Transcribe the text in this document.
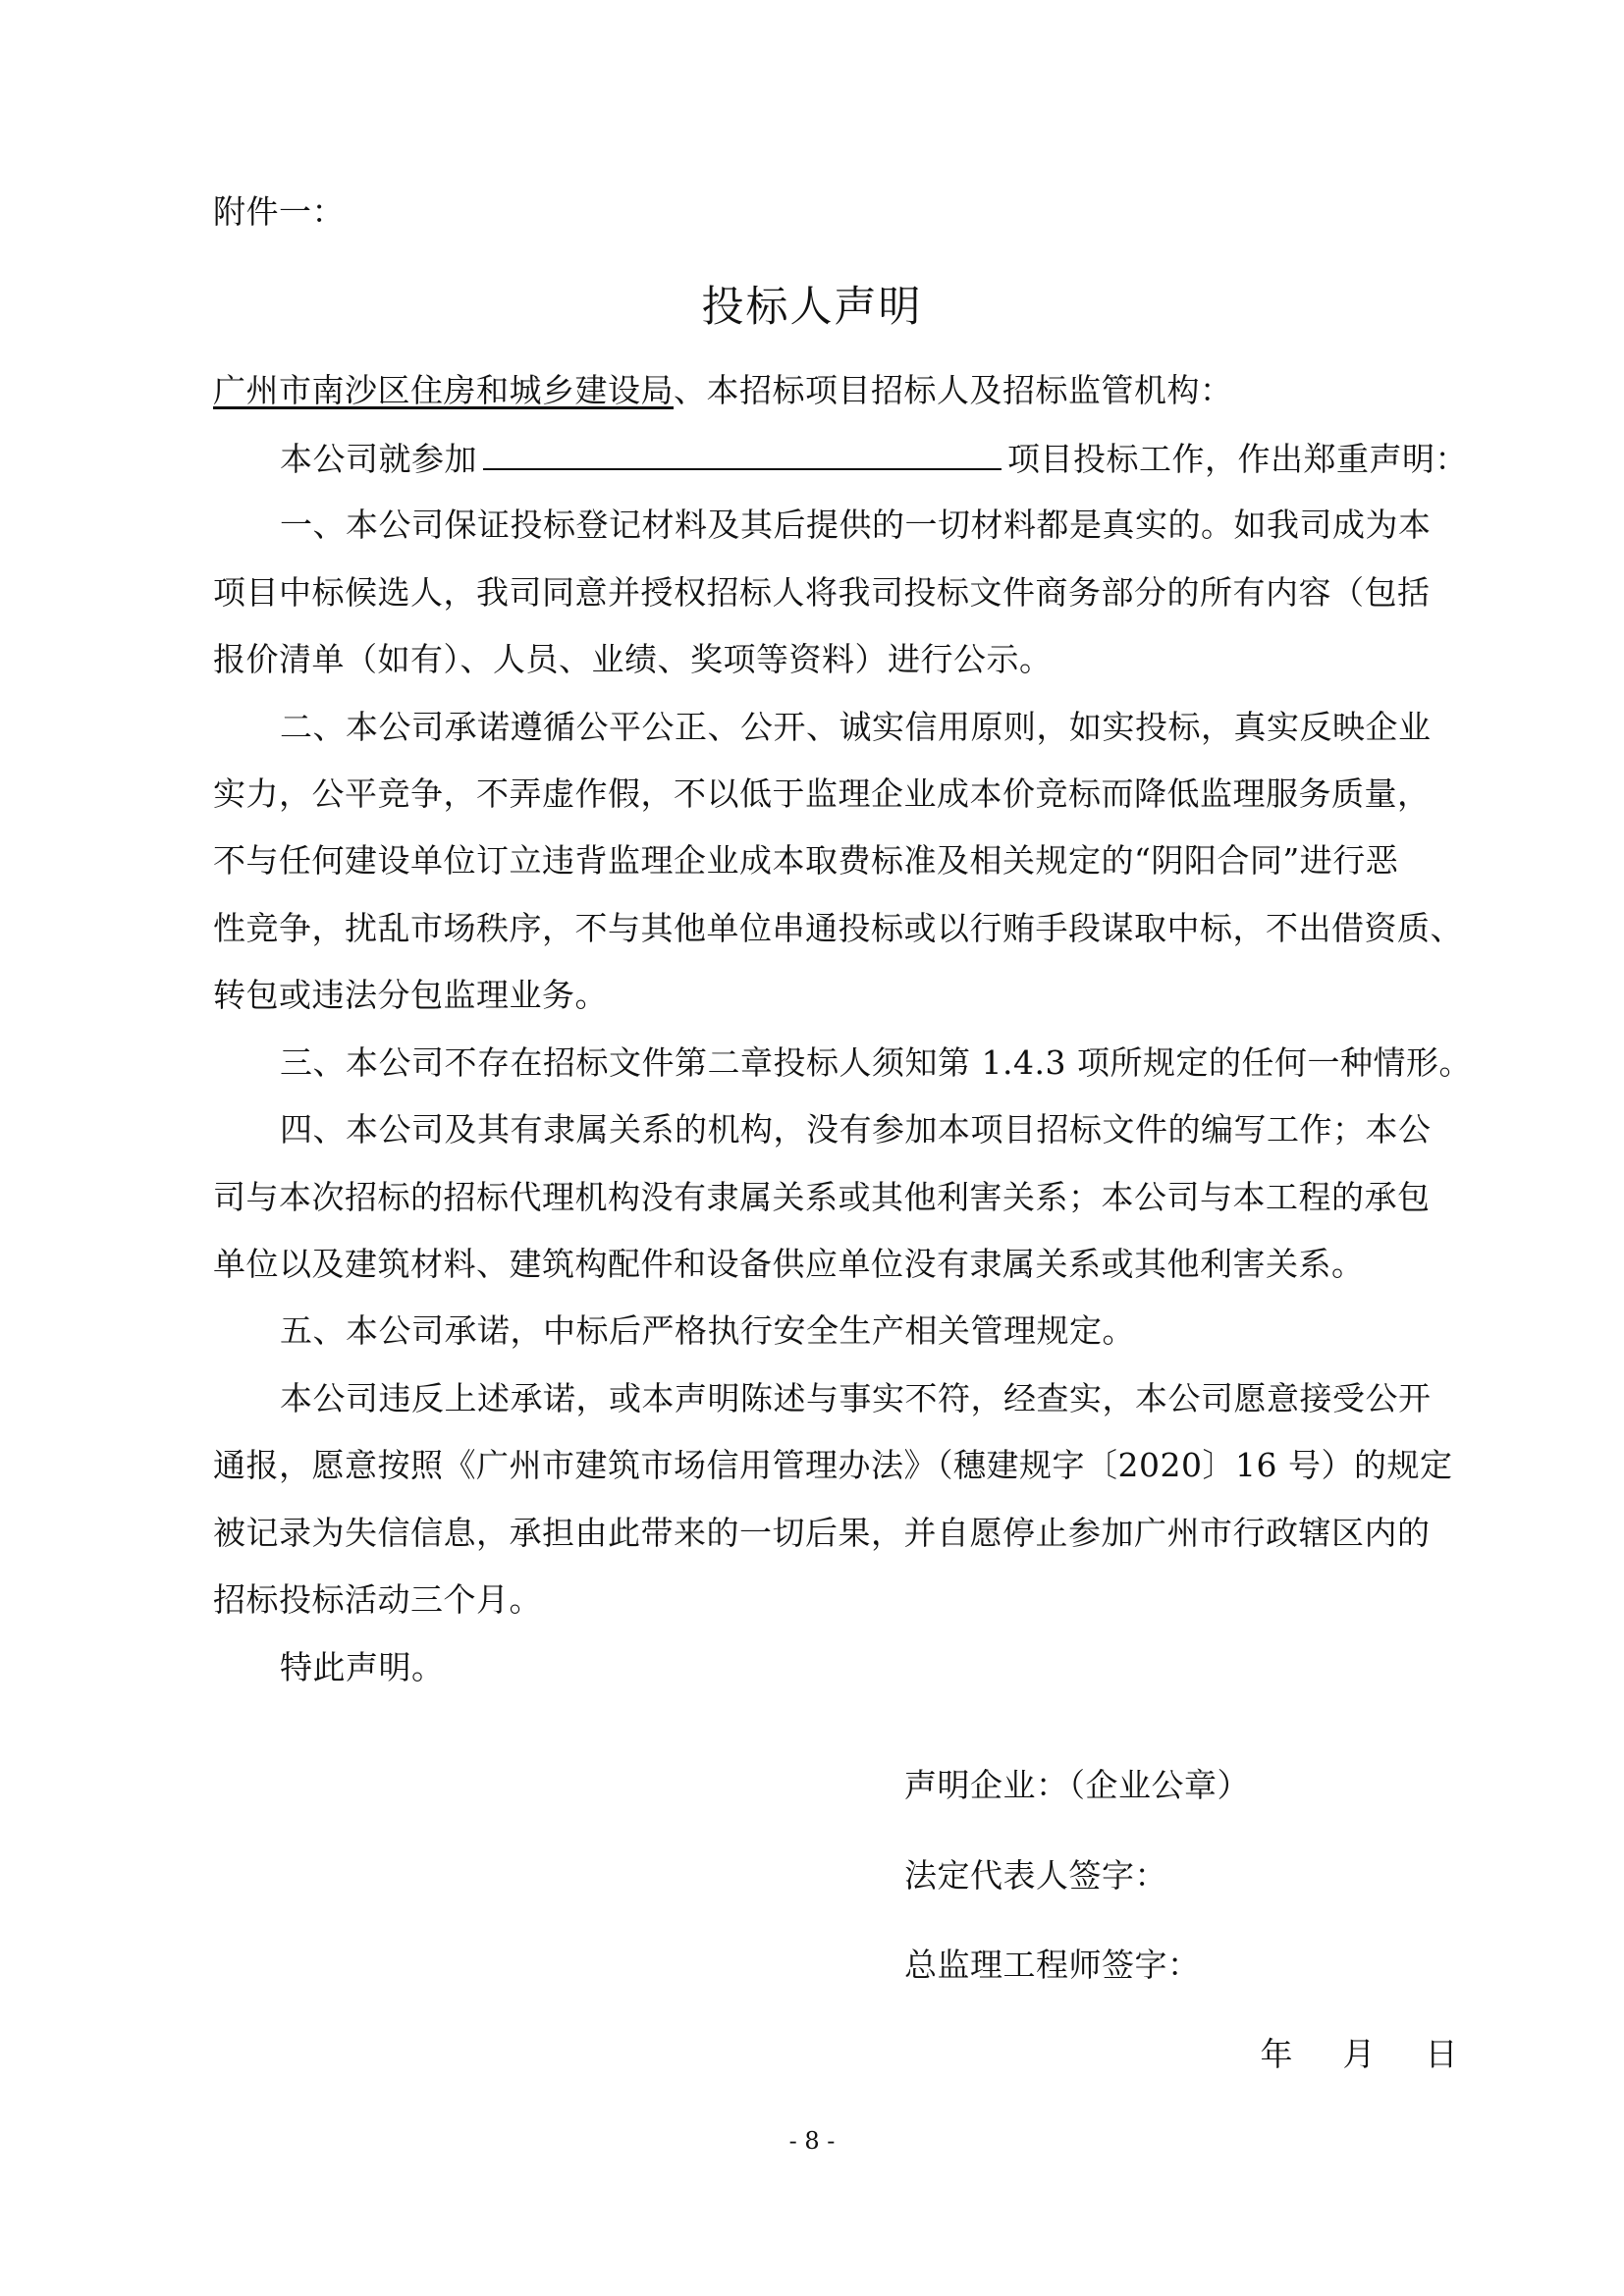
附件一：
投标人声明
广州市南沙区住房和城乡建设局、本招标项目招标人及招标监管机构：
本公司就参加	项目投标工作，作出郑重声明：
一、本公司保证投标登记材料及其后提供的一切材料都是真实的。如我司成为本
项目中标候选人，我司同意并授权招标人将我司投标文件商务部分的所有内容（包括
报价清单（如有）、人员、业绩、奖项等资料）进行公示。
二、本公司承诺遵循公平公正、公开、诚实信用原则，如实投标，真实反映企业
实力，公平竞争，不弄虚作假，不以低于监理企业成本价竞标而降低监理服务质量，
不与任何建设单位订立违背监理企业成本取费标准及相关规定的“阴阳合同”进行恶
性竞争，扰乱市场秩序，不与其他单位串通投标或以行贿手段谋取中标，不出借资质、
转包或违法分包监理业务。
三、本公司不存在招标文件第二章投标人须知第 1.4.3 项所规定的任何一种情形。
四、本公司及其有隶属关系的机构，没有参加本项目招标文件的编写工作；本公
司与本次招标的招标代理机构没有隶属关系或其他利害关系；本公司与本工程的承包
单位以及建筑材料、建筑构配件和设备供应单位没有隶属关系或其他利害关系。
五、本公司承诺，中标后严格执行安全生产相关管理规定。
本公司违反上述承诺，或本声明陈述与事实不符，经查实，本公司愿意接受公开
通报，愿意按照《广州市建筑市场信用管理办法》（穗建规字〔2020〕16 号）的规定
被记录为失信信息，承担由此带来的一切后果，并自愿停止参加广州市行政辖区内的
招标投标活动三个月。
特此声明。
声明企业：（企业公章）
法定代表人签字：
总监理工程师签字：
年 月 日
- 8 -
